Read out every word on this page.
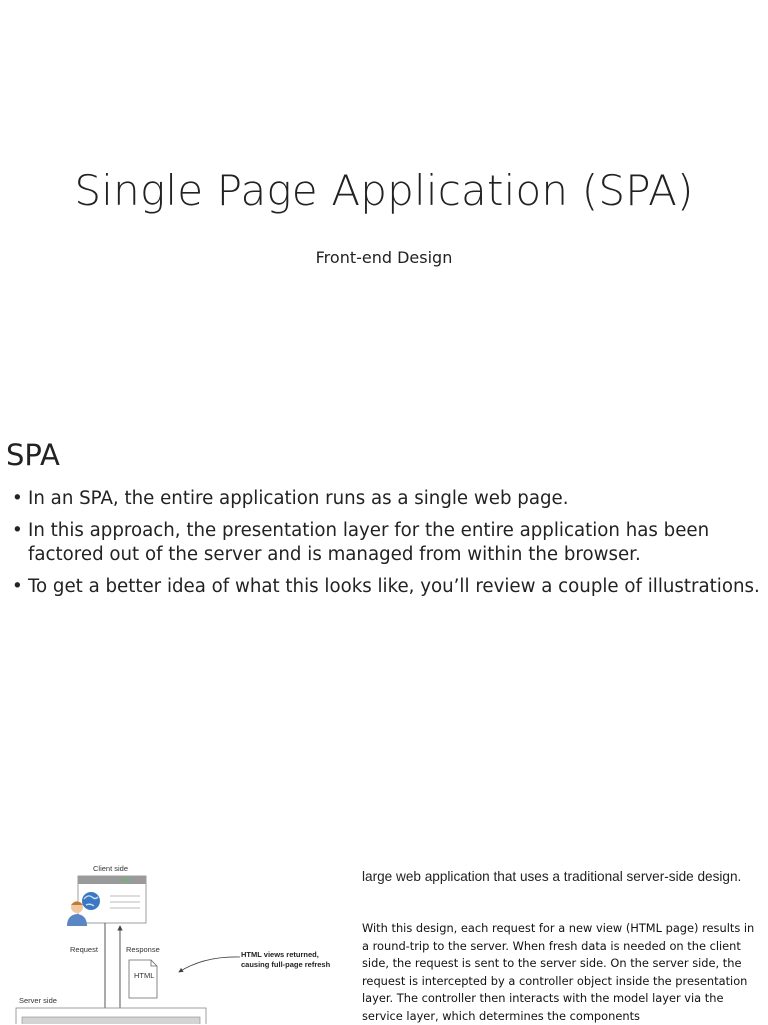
Single Page Application (SPA)
Front-end Design
SPA
• In an SPA, the entire application runs as a single web page.
• In this approach, the presentation layer for the entire application has been factored out of the server and is managed from within the browser.
• To get a better idea of what this looks like, you’ll review a couple of illustrations.
Client side
Request	Response
HTML
HTML views returned,
causing full-page refresh
Server side
large web application that uses a traditional server-side design.
With this design, each request for a new view (HTML page) results in a round-trip to the server. When fresh data is needed on the client side, the request is sent to the server side. On the server side, the request is intercepted by a controller object inside the presentation layer. The controller then interacts with the model layer via the service layer, which determines the components
